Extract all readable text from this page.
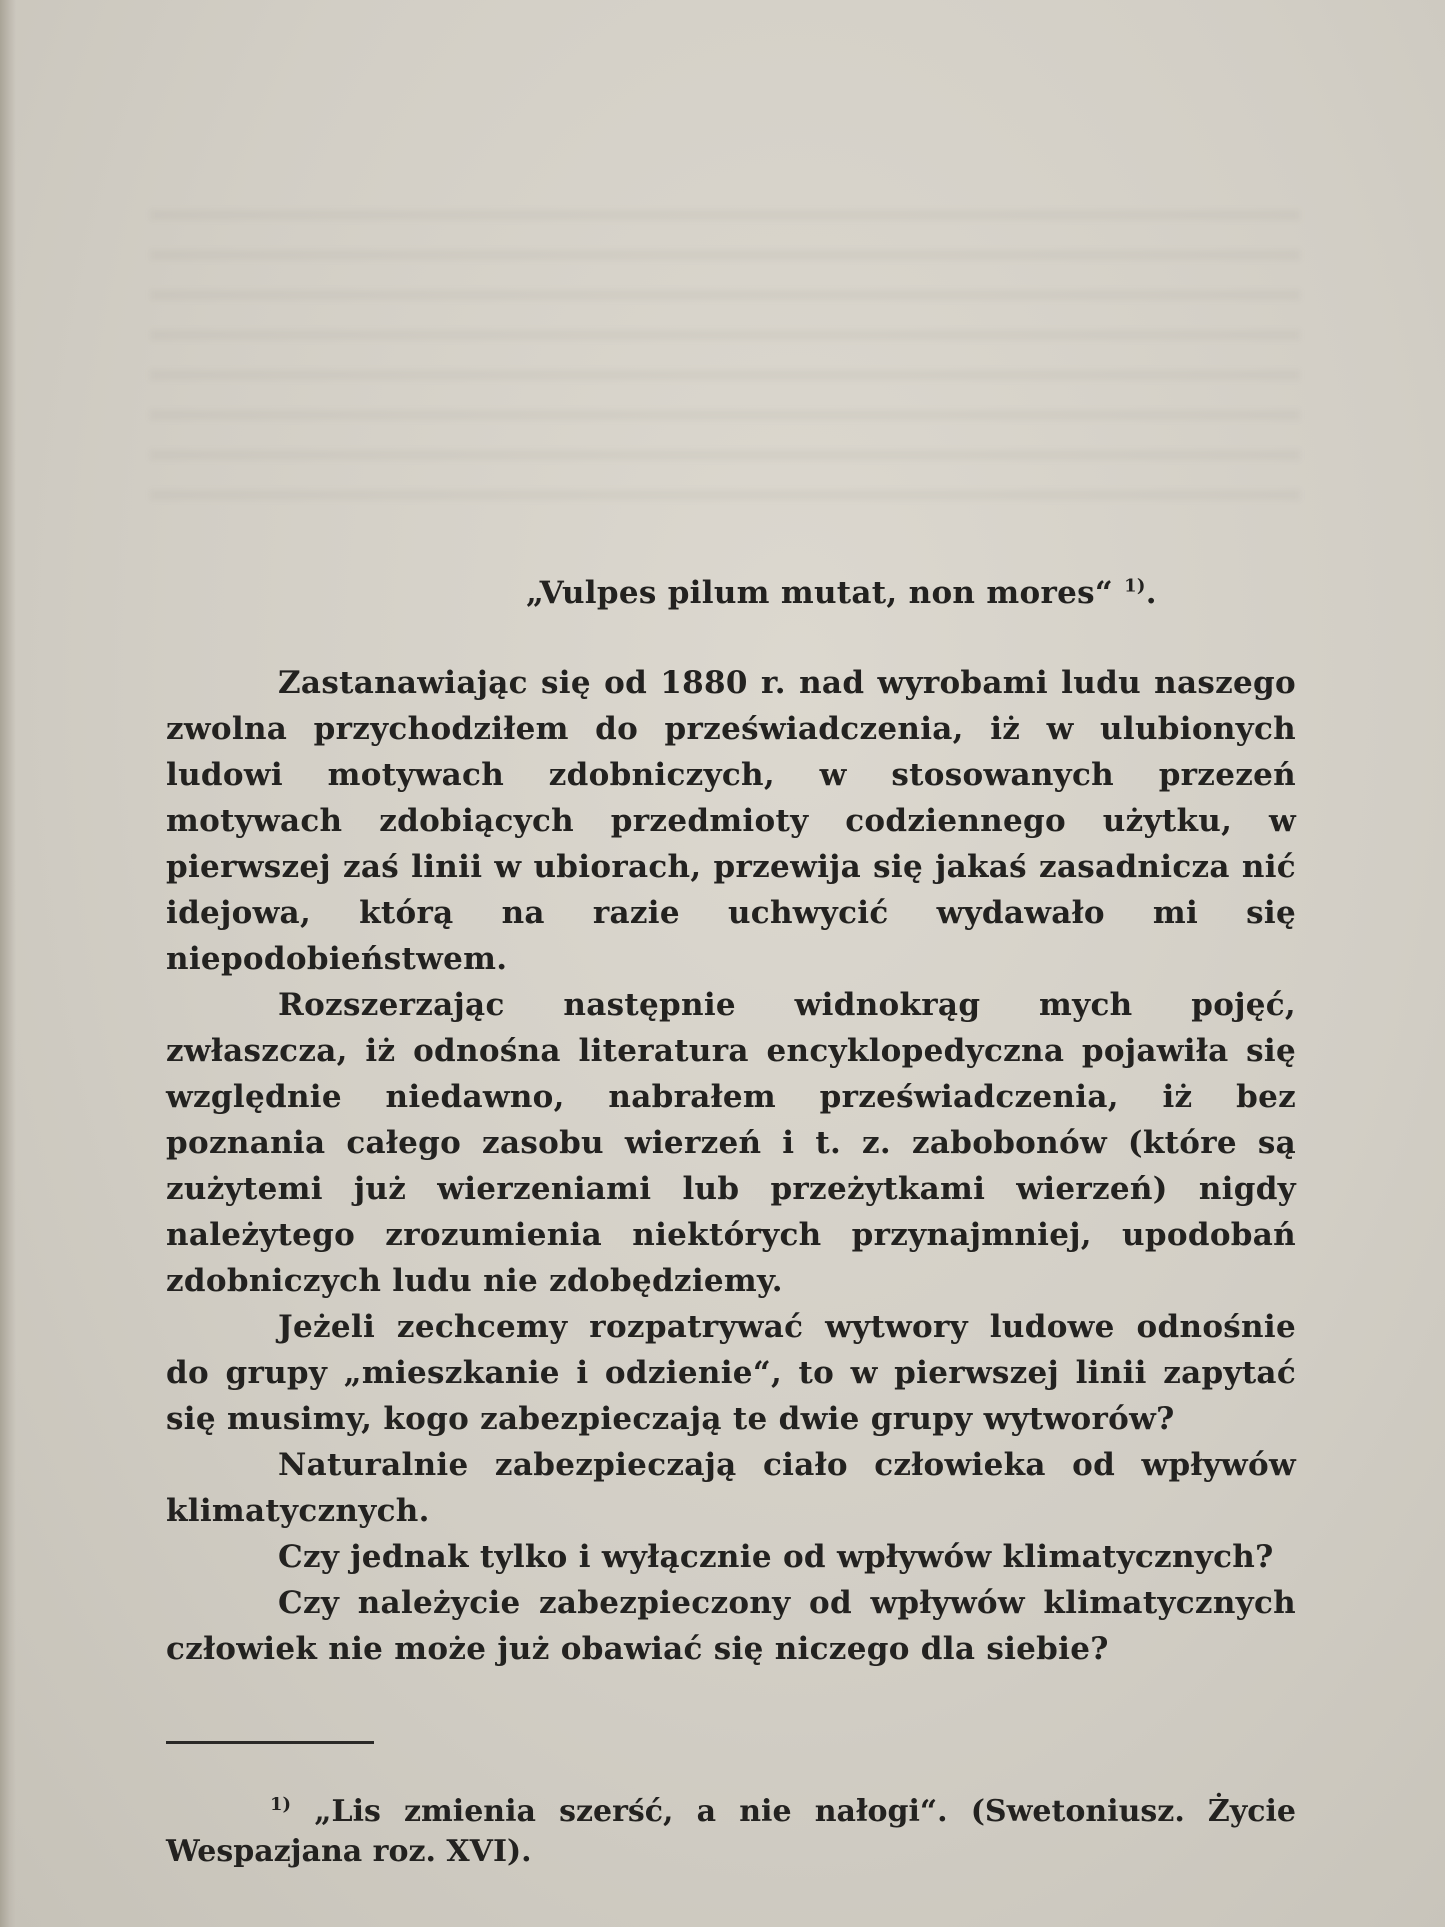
„Vulpes pilum mutat, non mores“ $^{1)}$.

Zastanawiając się od 1880 r. nad wyrobami ludu naszego zwolna przychodziłem do przeświadczenia, iż w ulubionych ludowi motywach zdobniczych, w stosowanych przezeń motywach zdobiących przedmioty codziennego użytku, w pierwszej zaś linii w ubiorach, przewija się jakaś zasadnicza nić idejowa, którą na razie uchwycić wydawało mi się niepodobieństwem.

Rozszerzając następnie widnokrąg mych pojęć, zwłaszcza, iż odnośna literatura encyklopedyczna pojawiła się względnie niedawno, nabrałem przeświadczenia, iż bez poznania całego zasobu wierzeń i t. z. zabobonów (które są zużytemi już wierzeniami lub przeżytkami wierzeń) nigdy należytego zrozumienia niektórych przynajmniej, upodobań zdobniczych ludu nie zdobędziemy.

Jeżeli zechcemy rozpatrywać wytwory ludowe odnośnie do grupy „mieszkanie i odzienie“, to w pierwszej linii zapytać się musimy, kogo zabezpieczają te dwie grupy wytworów?

Naturalnie zabezpieczają ciało człowieka od wpływów klimatycznych.

Czy jednak tylko i wyłącznie od wpływów klimatycznych?

Czy należycie zabezpieczony od wpływów klimatycznych człowiek nie może już obawiać się niczego dla siebie?

$^{1)}$ „Lis zmienia szerść, a nie nałogi“. (Swetoniusz. Życie Wespazjana roz. XVI).
